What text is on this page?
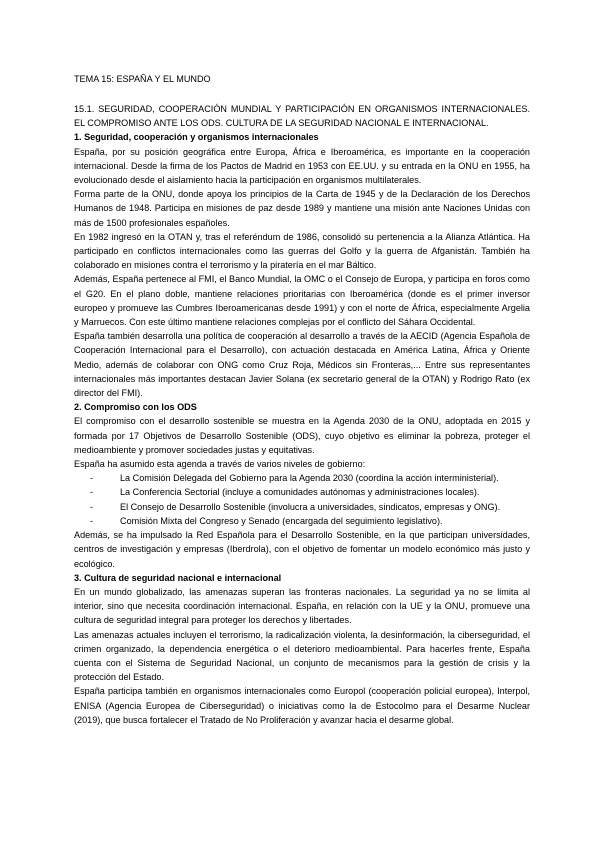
TEMA 15: ESPAÑA Y EL MUNDO

15.1. SEGURIDAD, COOPERACIÓN MUNDIAL Y PARTICIPACIÓN EN ORGANISMOS INTERNACIONALES. EL COMPROMISO ANTE LOS ODS. CULTURA DE LA SEGURIDAD NACIONAL E INTERNACIONAL.

1. Seguridad, cooperación y organismos internacionales

España, por su posición geográfica entre Europa, África e Iberoamérica, es importante en la cooperación internacional. Desde la firma de los Pactos de Madrid en 1953 con EE.UU. y su entrada en la ONU en 1955, ha evolucionado desde el aislamiento hacia la participación en organismos multilaterales.

Forma parte de la ONU, donde apoya los principios de la Carta de 1945 y de la Declaración de los Derechos Humanos de 1948. Participa en misiones de paz desde 1989 y mantiene una misión ante Naciones Unidas con más de 1500 profesionales españoles.

En 1982 ingresó en la OTAN y, tras el referéndum de 1986, consolidó su pertenencia a la Alianza Atlántica. Ha participado en conflictos internacionales como las guerras del Golfo y la guerra de Afganistán. También ha colaborado en misiones contra el terrorismo y la piratería en el mar Báltico.

Además, España pertenece al FMI, el Banco Mundial, la OMC o el Consejo de Europa, y participa en foros como el G20. En el plano doble, mantiene relaciones prioritarias con Iberoamérica (donde es el primer inversor europeo y promueve las Cumbres Iberoamericanas desde 1991) y con el norte de África, especialmente Argelia y Marruecos. Con este último mantiene relaciones complejas por el conflicto del Sáhara Occidental.

España también desarrolla una política de cooperación al desarrollo a través de la AECID (Agencia Española de Cooperación Internacional para el Desarrollo), con actuación destacada en América Latina, África y Oriente Medio, además de colaborar con ONG como Cruz Roja, Médicos sin Fronteras,... Entre sus representantes internacionales más importantes destacan Javier Solana (ex secretario general de la OTAN) y Rodrigo Rato (ex director del FMI).

2. Compromiso con los ODS

El compromiso con el desarrollo sostenible se muestra en la Agenda 2030 de la ONU, adoptada en 2015 y formada por 17 Objetivos de Desarrollo Sostenible (ODS), cuyo objetivo es eliminar la pobreza, proteger el medioambiente y promover sociedades justas y equitativas.

España ha asumido esta agenda a través de varios niveles de gobierno:

- La Comisión Delegada del Gobierno para la Agenda 2030 (coordina la acción interministerial).
- La Conferencia Sectorial (incluye a comunidades autónomas y administraciones locales).
- El Consejo de Desarrollo Sostenible (involucra a universidades, sindicatos, empresas y ONG).
- Comisión Mixta del Congreso y Senado (encargada del seguimiento legislativo).

Además, se ha impulsado la Red Española para el Desarrollo Sostenible, en la que participan universidades, centros de investigación y empresas (Iberdrola), con el objetivo de fomentar un modelo económico más justo y ecológico.

3. Cultura de seguridad nacional e internacional

En un mundo globalizado, las amenazas superan las fronteras nacionales. La seguridad ya no se limita al interior, sino que necesita coordinación internacional. España, en relación con la UE y la ONU, promueve una cultura de seguridad integral para proteger los derechos y libertades.

Las amenazas actuales incluyen el terrorismo, la radicalización violenta, la desinformación, la ciberseguridad, el crimen organizado, la dependencia energética o el deterioro medioambiental. Para hacerles frente, España cuenta con el Sistema de Seguridad Nacional, un conjunto de mecanismos para la gestión de crisis y la protección del Estado.

España participa también en organismos internacionales como Europol (cooperación policial europea), Interpol, ENISA (Agencia Europea de Ciberseguridad) o iniciativas como la de Estocolmo para el Desarme Nuclear (2019), que busca fortalecer el Tratado de No Proliferación y avanzar hacia el desarme global.
